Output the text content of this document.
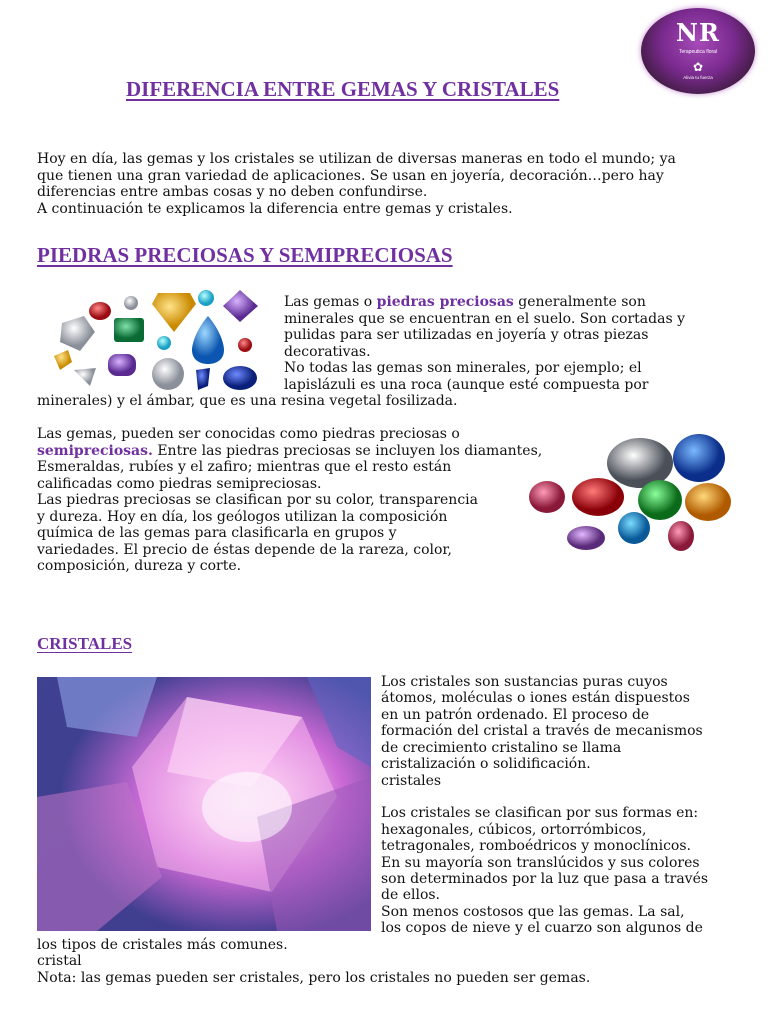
NR
Terapeutica floral
✿
Alivia tu fuerza
DIFERENCIA ENTRE GEMAS Y CRISTALES
Hoy en día, las gemas y los cristales se utilizan de diversas maneras en todo el mundo; ya
que tienen una gran variedad de aplicaciones. Se usan en joyería, decoración…pero hay
diferencias entre ambas cosas y no deben confundirse.
A continuación te explicamos la diferencia entre gemas y cristales.
PIEDRAS PRECIOSAS Y SEMIPRECIOSAS
Las gemas o piedras preciosas generalmente son
minerales que se encuentran en el suelo. Son cortadas y
pulidas para ser utilizadas en joyería y otras piezas
decorativas.
No todas las gemas son minerales, por ejemplo; el
lapislázuli es una roca (aunque esté compuesta por
minerales) y el ámbar, que es una resina vegetal fosilizada.
Las gemas, pueden ser conocidas como piedras preciosas o
semipreciosas. Entre las piedras preciosas se incluyen los diamantes,
Esmeraldas, rubíes y el zafiro; mientras que el resto están
calificadas como piedras semipreciosas.
Las piedras preciosas se clasifican por su color, transparencia
y dureza. Hoy en día, los geólogos utilizan la composición
química de las gemas para clasificarla en grupos y
variedades. El precio de éstas depende de la rareza, color,
composición, dureza y corte.
CRISTALES
Los cristales son sustancias puras cuyos
átomos, moléculas o iones están dispuestos
en un patrón ordenado. El proceso de
formación del cristal a través de mecanismos
de crecimiento cristalino se llama
cristalización o solidificación.
cristales
Los cristales se clasifican por sus formas en:
hexagonales, cúbicos, ortorrómbicos,
tetragonales, romboédricos y monoclínicos.
En su mayoría son translúcidos y sus colores
son determinados por la luz que pasa a través
de ellos.
Son menos costosos que las gemas. La sal,
los copos de nieve y el cuarzo son algunos de
los tipos de cristales más comunes.
cristal
Nota: las gemas pueden ser cristales, pero los cristales no pueden ser gemas.
